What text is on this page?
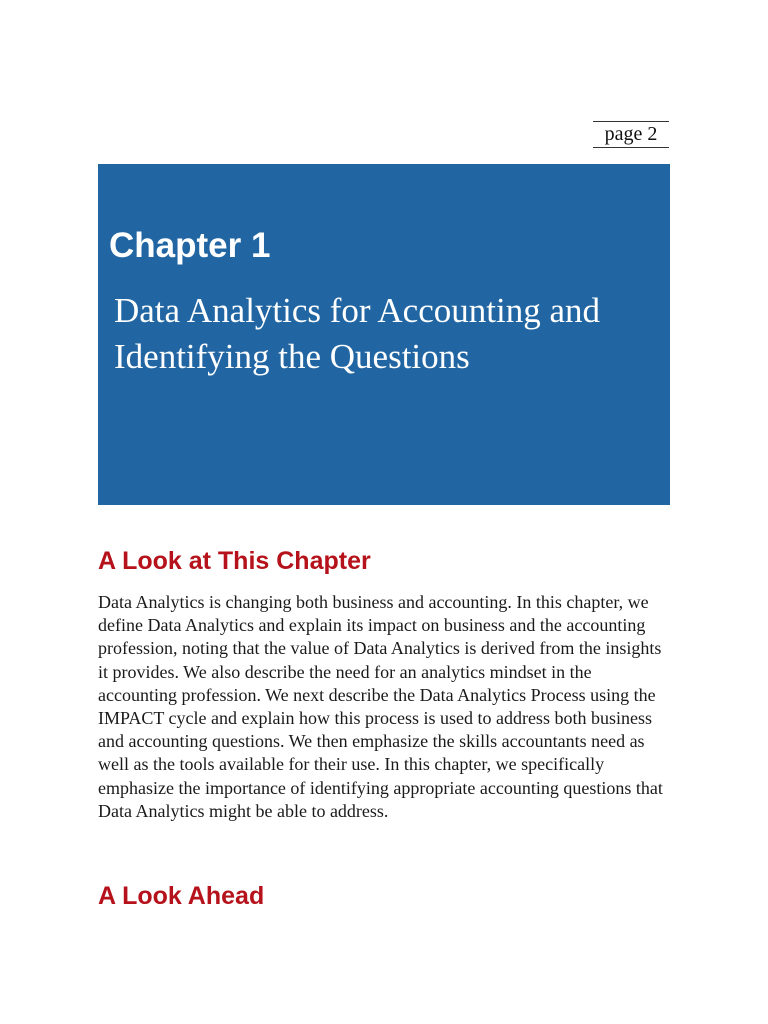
page 2
Chapter 1
Data Analytics for Accounting and Identifying the Questions
A Look at This Chapter

Data Analytics is changing both business and accounting. In this chapter, we define Data Analytics and explain its impact on business and the accounting profession, noting that the value of Data Analytics is derived from the insights it provides. We also describe the need for an analytics mindset in the accounting profession. We next describe the Data Analytics Process using the IMPACT cycle and explain how this process is used to address both business and accounting questions. We then emphasize the skills accountants need as well as the tools available for their use. In this chapter, we specifically emphasize the importance of identifying appropriate accounting questions that Data Analytics might be able to address.

A Look Ahead
